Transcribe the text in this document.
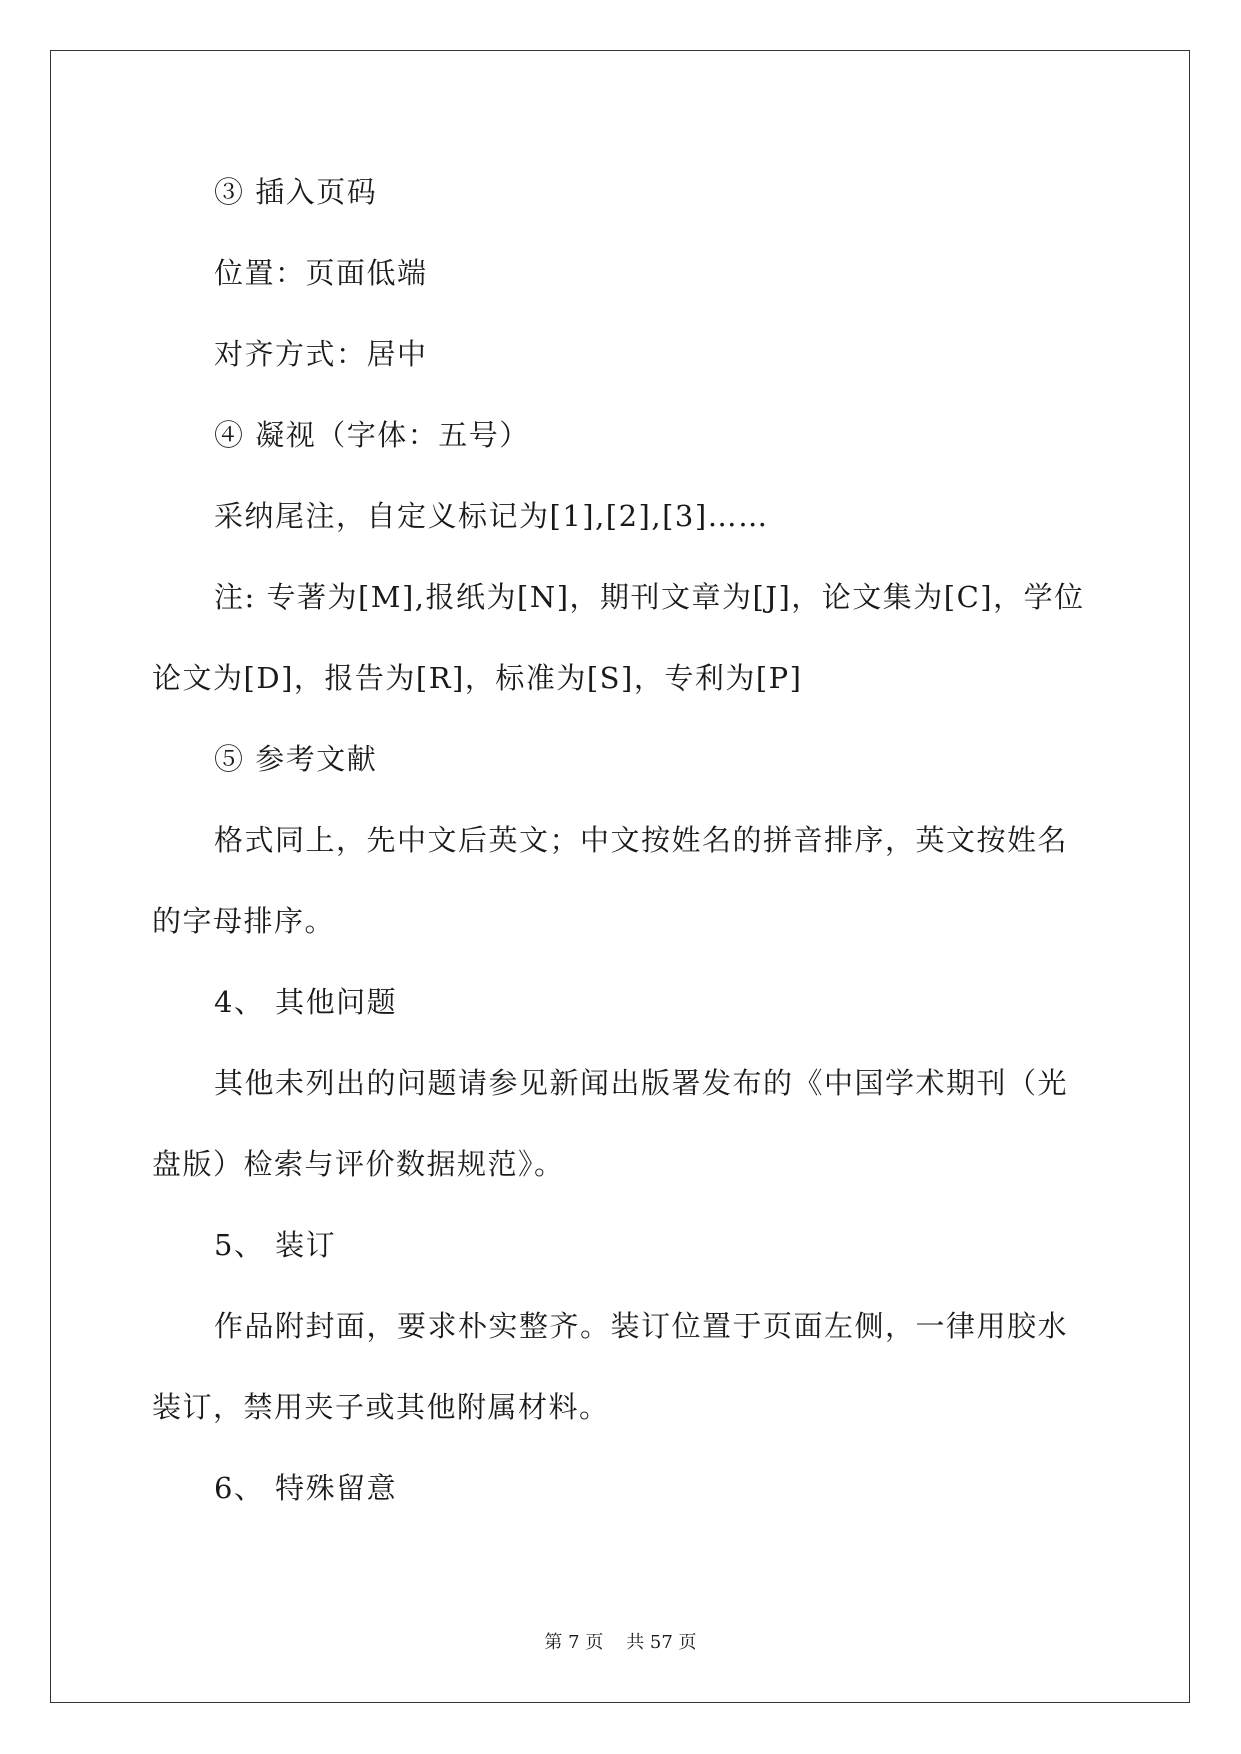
③ 插入页码
位置：页面低端
对齐方式：居中
④ 凝视（字体：五号）
采纳尾注，自定义标记为[1],[2],[3]……
注: 专著为[M],报纸为[N]，期刊文章为[J]，论文集为[C]，学位
论文为[D]，报告为[R]，标准为[S]，专利为[P]
⑤ 参考文献
格式同上，先中文后英文；中文按姓名的拼音排序，英文按姓名
的字母排序。
4、 其他问题
其他未列出的问题请参见新闻出版署发布的《中国学术期刊（光
盘版）检索与评价数据规范》。
5、 装订
作品附封面，要求朴实整齐。装订位置于页面左侧，一律用胶水
装订，禁用夹子或其他附属材料。
6、 特殊留意
第 7 页    共 57 页
